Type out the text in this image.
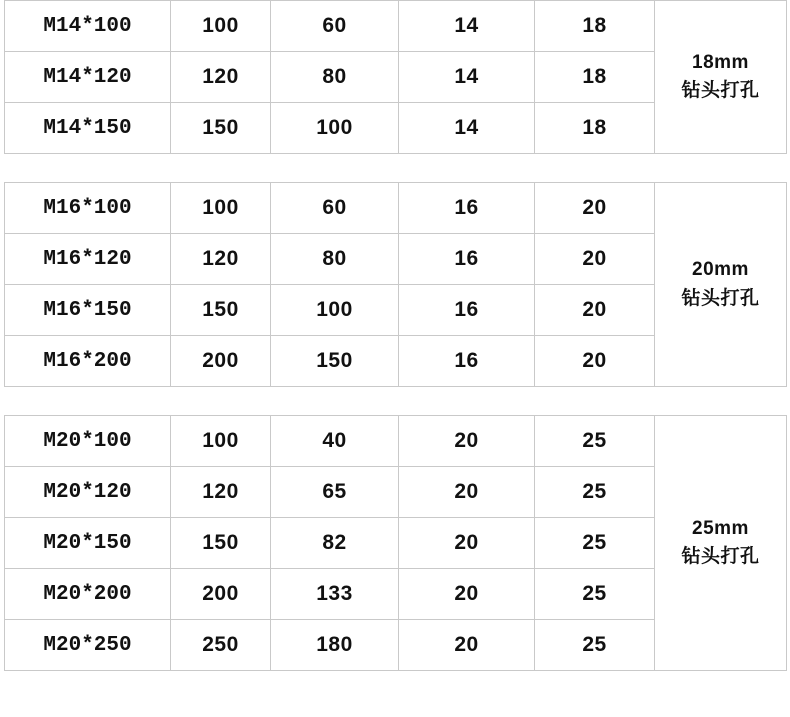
M14*100	100	60	14	18	18mm
钻头打孔

M14*120	120	80	14	18	
M14*150	150	100	14	18	
M16*100	100	60	16	20	20mm
钻头打孔

M16*120	120	80	16	20	
M16*150	150	100	16	20	
M16*200	200	150	16	20	
M20*100	100	40	20	25	25mm
钻头打孔

M20*120	120	65	20	25	
M20*150	150	82	20	25	
M20*200	200	133	20	25	
M20*250	250	180	20	25	
